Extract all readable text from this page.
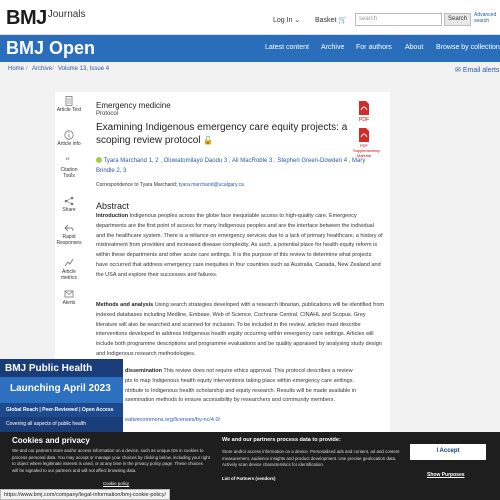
BMJ Journals
Log In ⌄ Basket 🛒	search	Search
Advanced search
BMJ Open	Latest content Archive For authors About Browse by collection
Home / Archive / Volume 13, Issue 4	✉ Email alerts
Article Text
Article info
”
Citation Tools
Share
Rapid Responses
Article metrics
Alerts
Emergency medicine
Protocol
Examining Indigenous emergency care equity projects: a scoping review protocol 🔓
PDF
PDF Supplementary Material
Tyara Marchand 1, 2 , Oluwatomilayo Daodu 3 , Ali MacRoble 3 , Stephen Green-Dowden 4 , Mary Brindle 2, 3
Correspondence to Tyara Marchand; tyara.marchand@ucalgary.ca
Abstract
Introduction Indigenous peoples across the globe face inequitable access to high-quality care. Emergency departments are the first point of access for many Indigenous peoples and are the interface between the individual and the healthcare system. There is a reliance on emergency services due to a lack of primary healthcare, a history of mistreatment from providers and increased disease complexity. As such, a potential place for health equity reform is within these departments and other acute care settings. It is the purpose of this review to determine what projects have occurred that address emergency care inequities in four countries such as Australia, Canada, New Zealand and the USA and explore their successes and failures.
Methods and analysis Using search strategies developed with a research librarian, publications will be identified from indexed databases including Medline, Embase, Web of Science, Cochrane Central, CINAHL and Scopus. Grey literature will also be searched and scanned for inclusion. To be included in the review, articles must describe interventions developed to address Indigenous health equity occurring within emergency care settings. Articles will include both programme descriptions and programme evaluations and be quality appraised by analysing study design and Indigenous research methodologies.
dissemination This review does not require ethics approval. This protocol describes a review
pts to map Indigenous health equity interventions taking place within emergency care settings.
ntribute to Indigenous health scholarship and equity research. Results will be made available in
ssemination methods to ensure accessibility by researchers and community members.
eativecommons.org/licenses/by-nc/4.0/
BMJ Public Health
Launching April 2023
Global Reach | Peer-Reviewed | Open Access
Covering all aspects of public health
Cookies and privacy
We and our partners store and/or access information on a device, such as unique IDs in cookies to process personal data. You may accept or manage your choices by clicking below, including your right to object where legitimate interest is used, or at any time in the privacy policy page. These choices will be signaled to our partners and will not affect browsing data.
Cookie policy
We and our partners process data to provide:
Store and/or access information on a device. Personalised ads and content, ad and content measurement, audience insights and product development. Use precise geolocation data. Actively scan device characteristics for identification.
List of Partners (vendors)
I Accept
Show Purposes
https://www.bmj.com/company/legal-information/bmj-cookie-policy/
